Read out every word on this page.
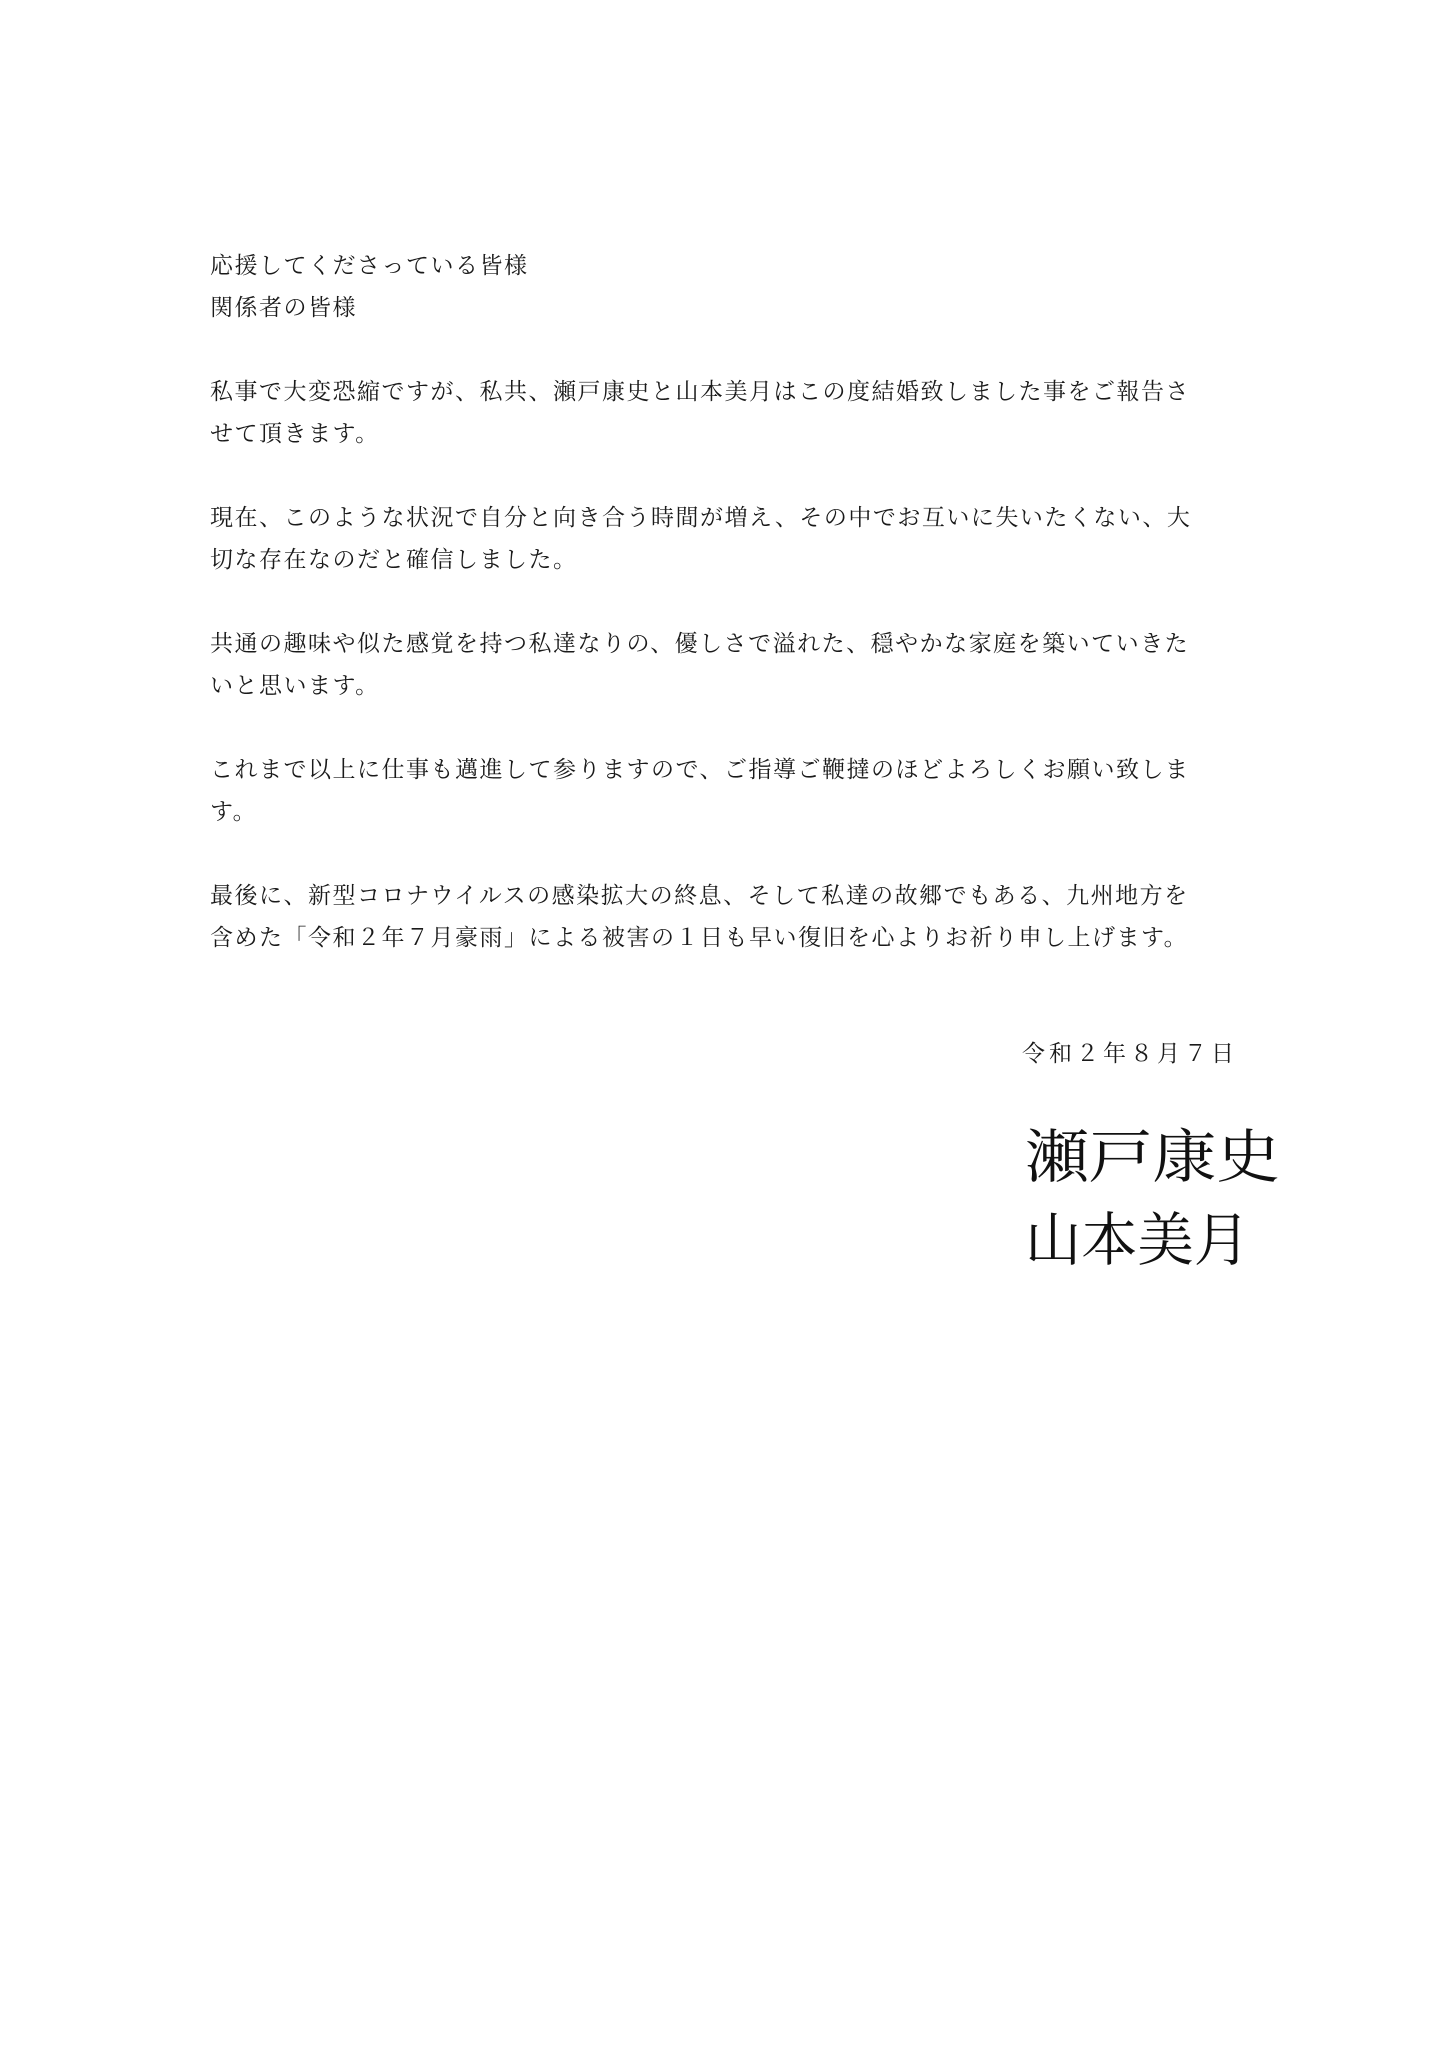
応援してくださっている皆様

関係者の皆様

私事で大変恐縮ですが、私共、瀬戸康史と山本美月はこの度結婚致しました事をご報告さ
せて頂きます。

現在、このような状況で自分と向き合う時間が増え、その中でお互いに失いたくない、大
切な存在なのだと確信しました。

共通の趣味や似た感覚を持つ私達なりの、優しさで溢れた、穏やかな家庭を築いていきた
いと思います。

これまで以上に仕事も邁進して参りますので、ご指導ご鞭撻のほどよろしくお願い致しま
す。

最後に、新型コロナウイルスの感染拡大の終息、そして私達の故郷でもある、九州地方を
含めた「令和２年７月豪雨」による被害の１日も早い復旧を心よりお祈り申し上げます。

令和２年８月７日
瀬戸康史
山本美月
